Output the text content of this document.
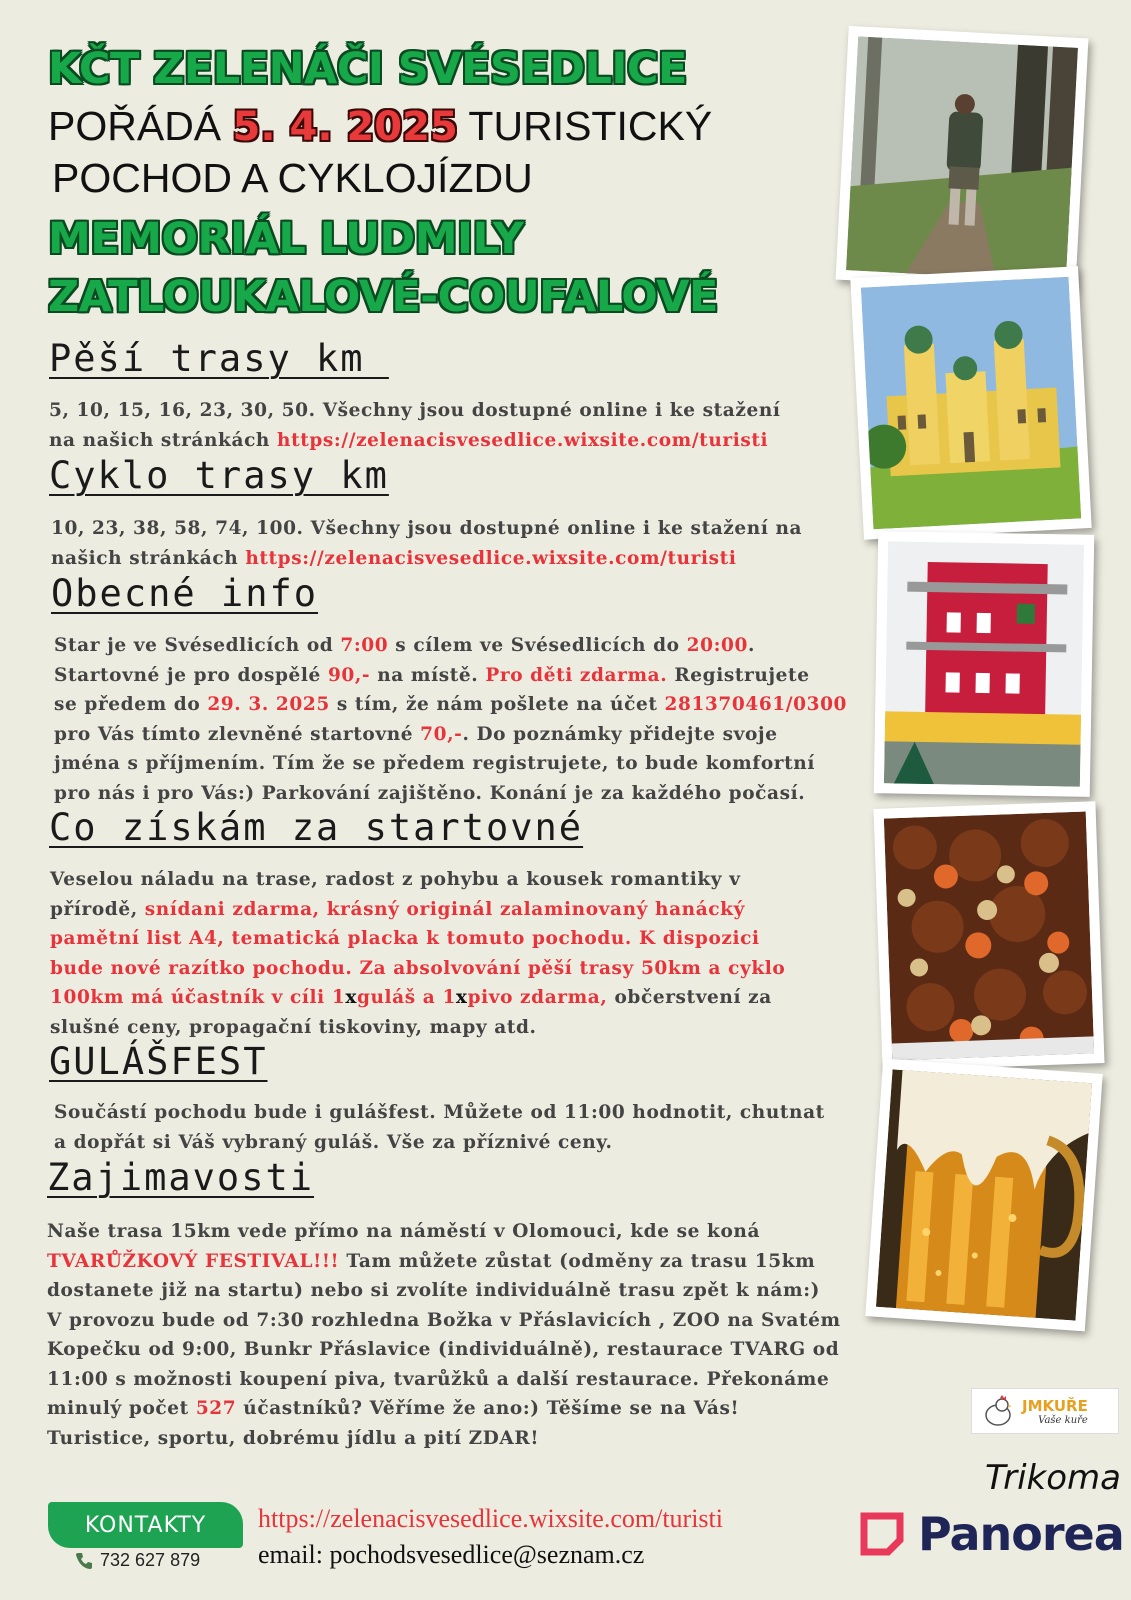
KČT ZELENÁČI SVÉSEDLICE
POŘÁDÁ 5. 4. 2025 TURISTICKÝ
POCHOD A CYKLOJÍZDU
MEMORIÁL LUDMILY
ZATLOUKALOVÉ-COUFALOVÉ
Pěší trasy km
5, 10, 15, 16, 23, 30, 50. Všechny jsou dostupné online i ke stažení
na našich stránkách https://zelenacisvesedlice.wixsite.com/turisti
Cyklo trasy km
10, 23, 38, 58, 74, 100. Všechny jsou dostupné online i ke stažení na
našich stránkách https://zelenacisvesedlice.wixsite.com/turisti
Obecné info
Star je ve Svésedlicích od 7:00 s cílem ve Svésedlicích do 20:00.
Startovné je pro dospělé 90,- na místě. Pro děti zdarma. Registrujete
se předem do 29. 3. 2025 s tím, že nám pošlete na účet 281370461/0300
pro Vás tímto zlevněné startovné 70,-. Do poznámky přidejte svoje
jména s příjmením. Tím že se předem registrujete, to bude komfortní
pro nás i pro Vás:) Parkování zajištěno. Konání je za každého počasí.
Co získám za startovné
Veselou náladu na trase, radost z pohybu a kousek romantiky v
přírodě, snídani zdarma, krásný originál zalaminovaný hanácký
pamětní list A4, tematická placka k tomuto pochodu. K dispozici
bude nové razítko pochodu. Za absolvování pěší trasy 50km a cyklo
100km má účastník v cíli 1xguláš a 1xpivo zdarma, občerstvení za
slušné ceny, propagační tiskoviny, mapy atd.
GULÁŠFEST
Součástí pochodu bude i gulášfest. Můžete od 11:00 hodnotit, chutnat
a dopřát si Váš vybraný guláš. Vše za příznivé ceny.
Zajimavosti
Naše trasa 15km vede přímo na náměstí v Olomouci, kde se koná
TVARŮŽKOVÝ FESTIVAL!!! Tam můžete zůstat (odměny za trasu 15km
dostanete již na startu) nebo si zvolíte individuálně trasu zpět k nám:)
V provozu bude od 7:30 rozhledna Božka v Přáslavicích , ZOO na Svatém
Kopečku od 9:00, Bunkr Přáslavice (individuálně), restaurace TVARG od
11:00 s možnosti koupení piva, tvarůžků a další restaurace. Překonáme
minulý počet 527 účastníků? Věříme že ano:) Těšíme se na Vás!
Turistice, sportu, dobrému jídlu a pití ZDAR!
KONTAKTY
732 627 879
https://zelenacisvesedlice.wixsite.com/turisti
email: pochodsvesedlice@seznam.cz
JMKUŘE
Vaše kuře
Trikoma
Panorea
